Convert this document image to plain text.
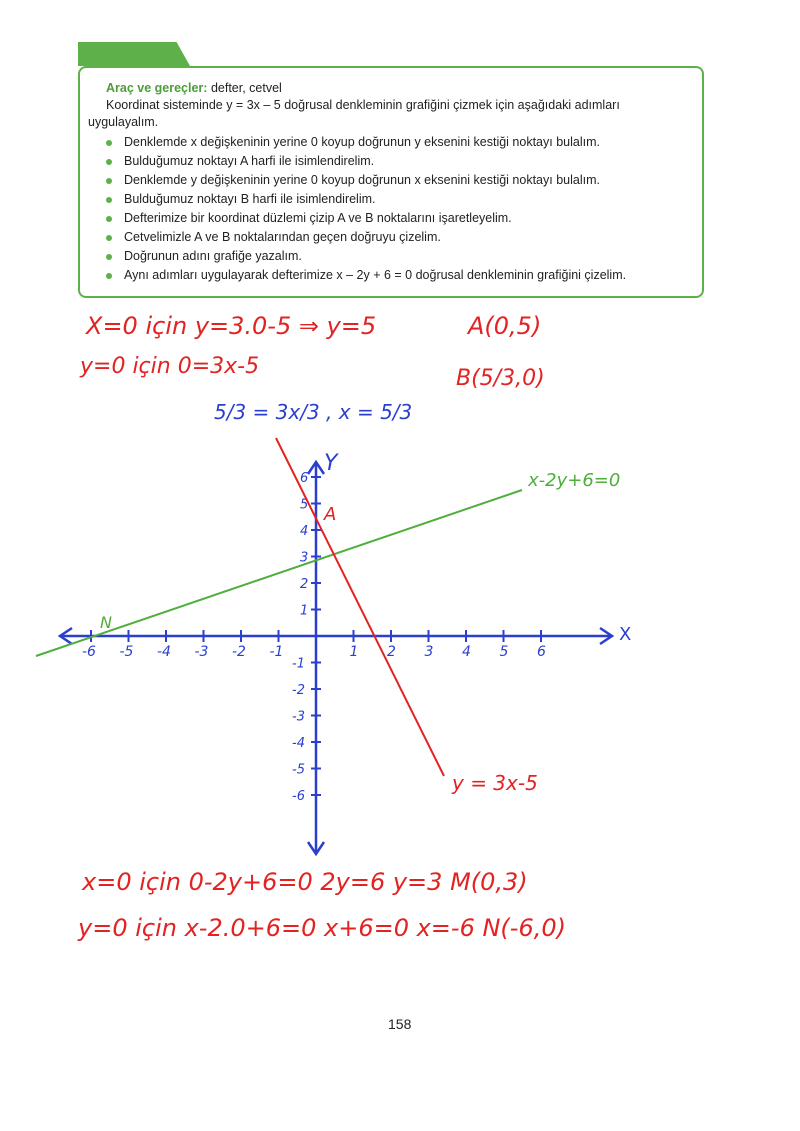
Araç ve gereçler: defter, cetvel
Koordinat sisteminde y = 3x – 5 doğrusal denkleminin grafiğini çizmek için aşağıdaki adımları
uygulayalım.
Denklemde x değişkeninin yerine 0 koyup doğrunun y eksenini kestiği noktayı bulalım.
Bulduğumuz noktayı A harfi ile isimlendirelim.
Denklemde y değişkeninin yerine 0 koyup doğrunun x eksenini kestiği noktayı bulalım.
Bulduğumuz noktayı B harfi ile isimlendirelim.
Defterimize bir koordinat düzlemi çizip A ve B noktalarını işaretleyelim.
Cetvelimizle A ve B noktalarından geçen doğruyu çizelim.
Doğrunun adını grafiğe yazalım.
Aynı adımları uygulayarak defterimize x – 2y + 6 = 0 doğrusal denkleminin grafiğini çizelim.
X=0 için y=3.0-5 ⇒ y=5	A(0,5)
y=0 için 0=3x-5	B(5/3,0)
5/3 = 3x/3 , x = 5/3
-6 -5 -4 -3 -2 -1	1 2 3 4 5 6
6
5
4
3
2
1
-1
-2
-3
-4
-5
-6
X
Y
A
N
y = 3x-5
x-2y+6=0
x=0 için 0-2y+6=0 2y=6 y=3 M(0,3)
y=0 için x-2.0+6=0 x+6=0 x=-6 N(-6,0)
158
